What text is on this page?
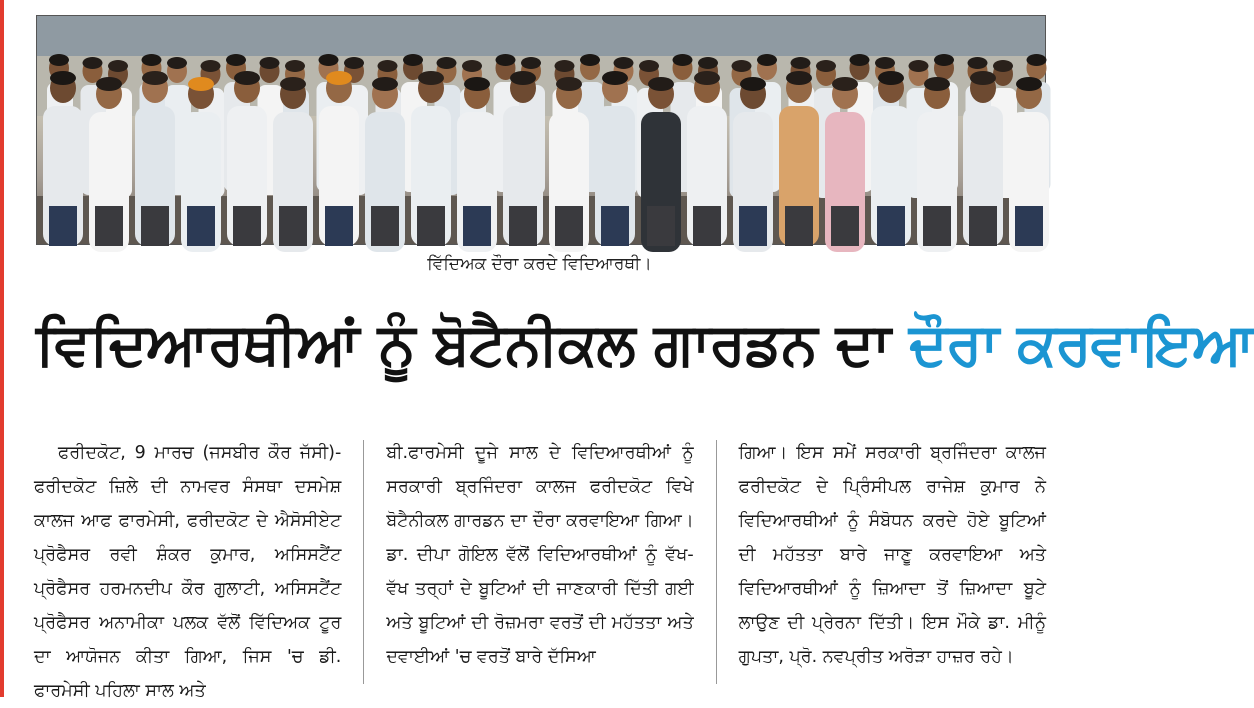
ਵਿੱਦਿਅਕ ਦੌਰਾ ਕਰਦੇ ਵਿਦਿਆਰਥੀ।
ਵਿਦਿਆਰਥੀਆਂ ਨੂੰ ਬੋਟੈਨੀਕਲ ਗਾਰਡਨ ਦਾ ਦੌਰਾ ਕਰਵਾਇਆ
ਫਰੀਦਕੋਟ, 9 ਮਾਰਚ (ਜਸਬੀਰ ਕੌਰ ਜੱਸੀ)-ਫਰੀਦਕੋਟ ਜ਼ਿਲੇ ਦੀ ਨਾਮਵਰ ਸੰਸਥਾ ਦਸਮੇਸ਼ ਕਾਲਜ ਆਫ ਫਾਰਮੇਸੀ, ਫਰੀਦਕੋਟ ਦੇ ਐਸੋਸੀਏਟ ਪ੍ਰੋਫੈਸਰ ਰਵੀ ਸ਼ੰਕਰ ਕੁਮਾਰ, ਅਸਿਸਟੈਂਟ ਪ੍ਰੋਫੈਸਰ ਹਰਮਨਦੀਪ ਕੌਰ ਗੁਲਾਟੀ, ਅਸਿਸਟੈਂਟ ਪ੍ਰੋਫੈਸਰ ਅਨਾਮੀਕਾ ਪਲਕ ਵੱਲੋਂ ਵਿੱਦਿਅਕ ਟੂਰ ਦਾ ਆਯੋਜਨ ਕੀਤਾ ਗਿਆ, ਜਿਸ 'ਚ ਡੀ. ਫਾਰਮੇਸੀ ਪਹਿਲਾ ਸਾਲ ਅਤੇ
ਬੀ.ਫਾਰਮੇਸੀ ਦੂਜੇ ਸਾਲ ਦੇ ਵਿਦਿਆਰਥੀਆਂ ਨੂੰ ਸਰਕਾਰੀ ਬ੍ਰਜਿੰਦਰਾ ਕਾਲਜ ਫਰੀਦਕੋਟ ਵਿਖੇ ਬੋਟੈਨੀਕਲ ਗਾਰਡਨ ਦਾ ਦੌਰਾ ਕਰਵਾਇਆ ਗਿਆ। ਡਾ. ਦੀਪਾ ਗੋਇਲ ਵੱਲੋਂ ਵਿਦਿਆਰਥੀਆਂ ਨੂੰ ਵੱਖ-ਵੱਖ ਤਰ੍ਹਾਂ ਦੇ ਬੂਟਿਆਂ ਦੀ ਜਾਣਕਾਰੀ ਦਿੱਤੀ ਗਈ ਅਤੇ ਬੂਟਿਆਂ ਦੀ ਰੋਜ਼ਮਰਾ ਵਰਤੋਂ ਦੀ ਮਹੱਤਤਾ ਅਤੇ ਦਵਾਈਆਂ 'ਚ ਵਰਤੋਂ ਬਾਰੇ ਦੱਸਿਆ
ਗਿਆ। ਇਸ ਸਮੇਂ ਸਰਕਾਰੀ ਬ੍ਰਜਿੰਦਰਾ ਕਾਲਜ ਫਰੀਦਕੋਟ ਦੇ ਪ੍ਰਿੰਸੀਪਲ ਰਾਜੇਸ਼ ਕੁਮਾਰ ਨੇ ਵਿਦਿਆਰਥੀਆਂ ਨੂੰ ਸੰਬੋਧਨ ਕਰਦੇ ਹੋਏ ਬੂਟਿਆਂ ਦੀ ਮਹੱਤਤਾ ਬਾਰੇ ਜਾਣੂ ਕਰਵਾਇਆ ਅਤੇ ਵਿਦਿਆਰਥੀਆਂ ਨੂੰ ਜ਼ਿਆਦਾ ਤੋਂ ਜ਼ਿਆਦਾ ਬੂਟੇ ਲਾਉਣ ਦੀ ਪ੍ਰੇਰਨਾ ਦਿੱਤੀ। ਇਸ ਮੌਕੇ ਡਾ. ਮੀਨੂੰ ਗੁਪਤਾ, ਪ੍ਰੋ. ਨਵਪ੍ਰੀਤ ਅਰੋੜਾ ਹਾਜ਼ਰ ਰਹੇ।
